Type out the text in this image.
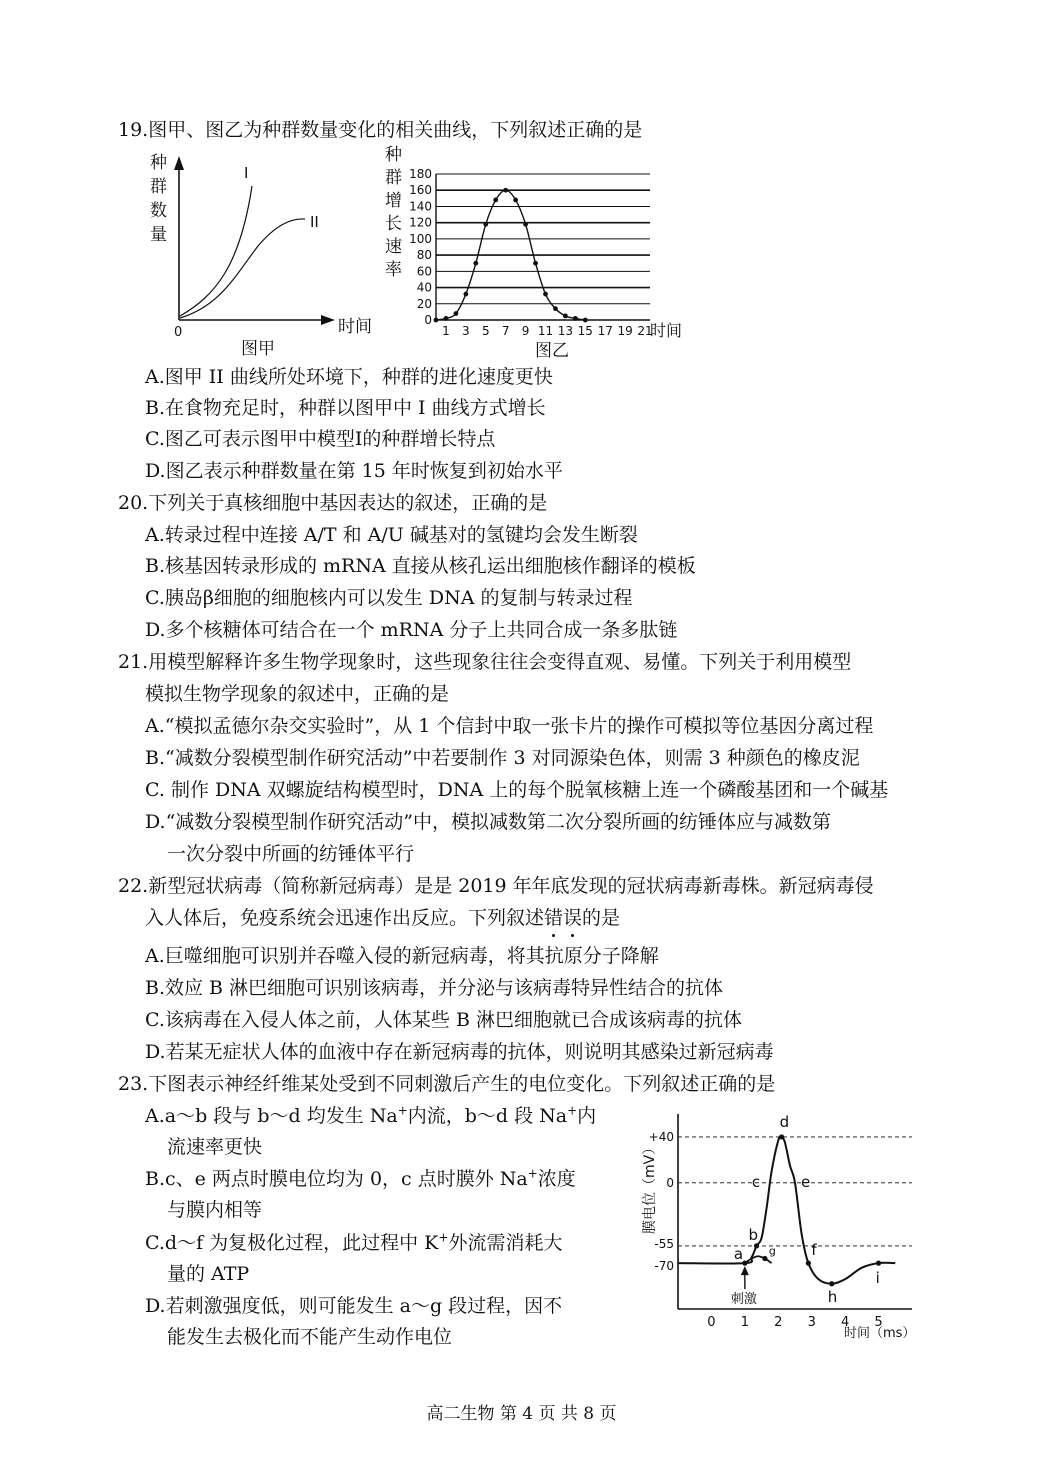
19.图甲、图乙为种群数量变化的相关曲线，下列叙述正确的是
种
群
数
量
I
II
0	时间
图甲
种
群
增
长
速
率
0
20
40
60
80
100
120
140
160
180
1 3 5 7 9 11 13 15 17 19 21
时间
图乙
A.图甲 II 曲线所处环境下，种群的进化速度更快
B.在食物充足时，种群以图甲中 I 曲线方式增长
C.图乙可表示图甲中模型Ⅰ的种群增长特点
D.图乙表示种群数量在第 15 年时恢复到初始水平
20.下列关于真核细胞中基因表达的叙述，正确的是
A.转录过程中连接 A/T 和 A/U 碱基对的氢键均会发生断裂
B.核基因转录形成的 mRNA 直接从核孔运出细胞核作翻译的模板
C.胰岛β细胞的细胞核内可以发生 DNA 的复制与转录过程
D.多个核糖体可结合在一个 mRNA 分子上共同合成一条多肽链
21.用模型解释许多生物学现象时，这些现象往往会变得直观、易懂。下列关于利用模型
模拟生物学现象的叙述中，正确的是
A.“模拟孟德尔杂交实验时”，从 1 个信封中取一张卡片的操作可模拟等位基因分离过程
B.“减数分裂模型制作研究活动”中若要制作 3 对同源染色体，则需 3 种颜色的橡皮泥
C. 制作 DNA 双螺旋结构模型时，DNA 上的每个脱氧核糖上连一个磷酸基团和一个碱基
D.“减数分裂模型制作研究活动”中，模拟减数第二次分裂所画的纺锤体应与减数第
一次分裂中所画的纺锤体平行
22.新型冠状病毒（简称新冠病毒）是是 2019 年年底发现的冠状病毒新毒株。新冠病毒侵
入人体后，免疫系统会迅速作出反应。下列叙述错误的是
A.巨噬细胞可识别并吞噬入侵的新冠病毒，将其抗原分子降解
B.效应 B 淋巴细胞可识别该病毒，并分泌与该病毒特异性结合的抗体
C.该病毒在入侵人体之前，人体某些 B 淋巴细胞就已合成该病毒的抗体
D.若某无症状人体的血液中存在新冠病毒的抗体，则说明其感染过新冠病毒
23.下图表示神经纤维某处受到不同刺激后产生的电位变化。下列叙述正确的是
A.a～b 段与 b～d 均发生 Na+内流，b～d 段 Na+内
流速率更快
B.c、e 两点时膜电位均为 0，c 点时膜外 Na+浓度
与膜内相等
C.d～f 为复极化过程，此过程中 K+外流需消耗大
量的 ATP
D.若刺激强度低，则可能发生 a～g 段过程，因不
能发生去极化而不能产生动作电位
+40
0
-55
-70
0 1 2 3 4 5
膜电位（mV）
a
b
c
d
e
f
g
h
i
刺激
时间（ms）
高二生物 第 4 页 共 8 页
